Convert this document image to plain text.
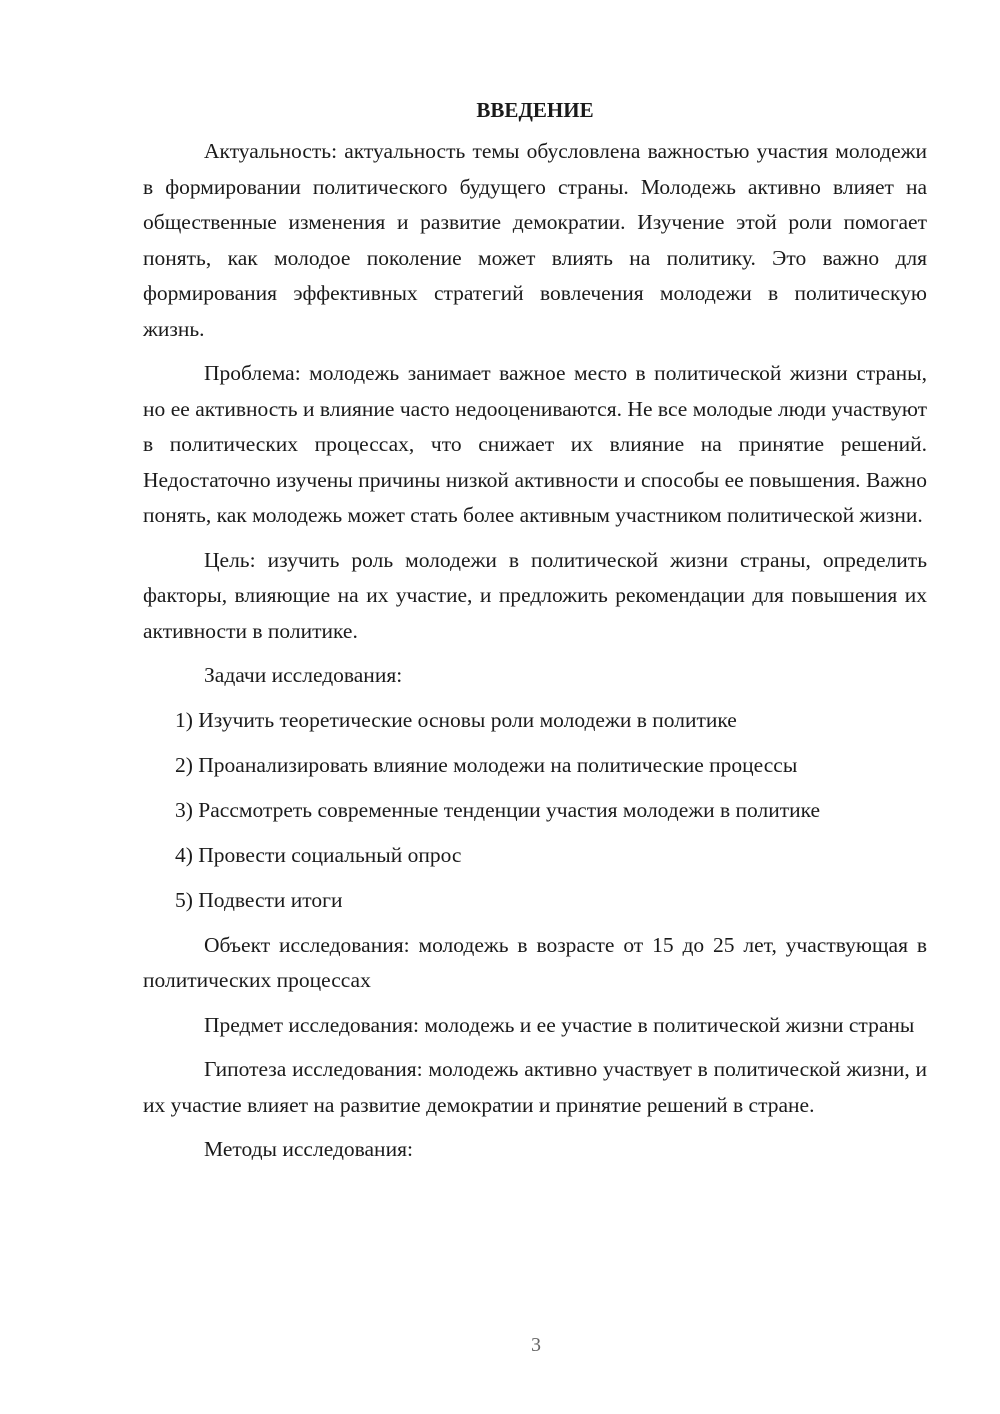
ВВЕДЕНИЕ

Актуальность: актуальность темы обусловлена важностью участия молодежи в формировании политического будущего страны. Молодежь активно влияет на общественные изменения и развитие демократии. Изучение этой роли помогает понять, как молодое поколение может влиять на политику. Это важно для формирования эффективных стратегий вовлечения молодежи в политическую жизнь.

Проблема: молодежь занимает важное место в политической жизни страны, но ее активность и влияние часто недооцениваются. Не все молодые люди участвуют в политических процессах, что снижает их влияние на принятие решений. Недостаточно изучены причины низкой активности и способы ее повышения. Важно понять, как молодежь может стать более активным участником политической жизни.

Цель: изучить роль молодежи в политической жизни страны, определить факторы, влияющие на их участие, и предложить рекомендации для повышения их активности в политике.

Задачи исследования:

1) Изучить теоретические основы роли молодежи в политике
2) Проанализировать влияние молодежи на политические процессы
3) Рассмотреть современные тенденции участия молодежи в политике
4) Провести социальный опрос
5) Подвести итоги

Объект исследования: молодежь в возрасте от 15 до 25 лет, участвующая в политических процессах

Предмет исследования: молодежь и ее участие в политической жизни страны

Гипотеза исследования: молодежь активно участвует в политической жизни, и их участие влияет на развитие демократии и принятие решений в стране.

Методы исследования:

3
